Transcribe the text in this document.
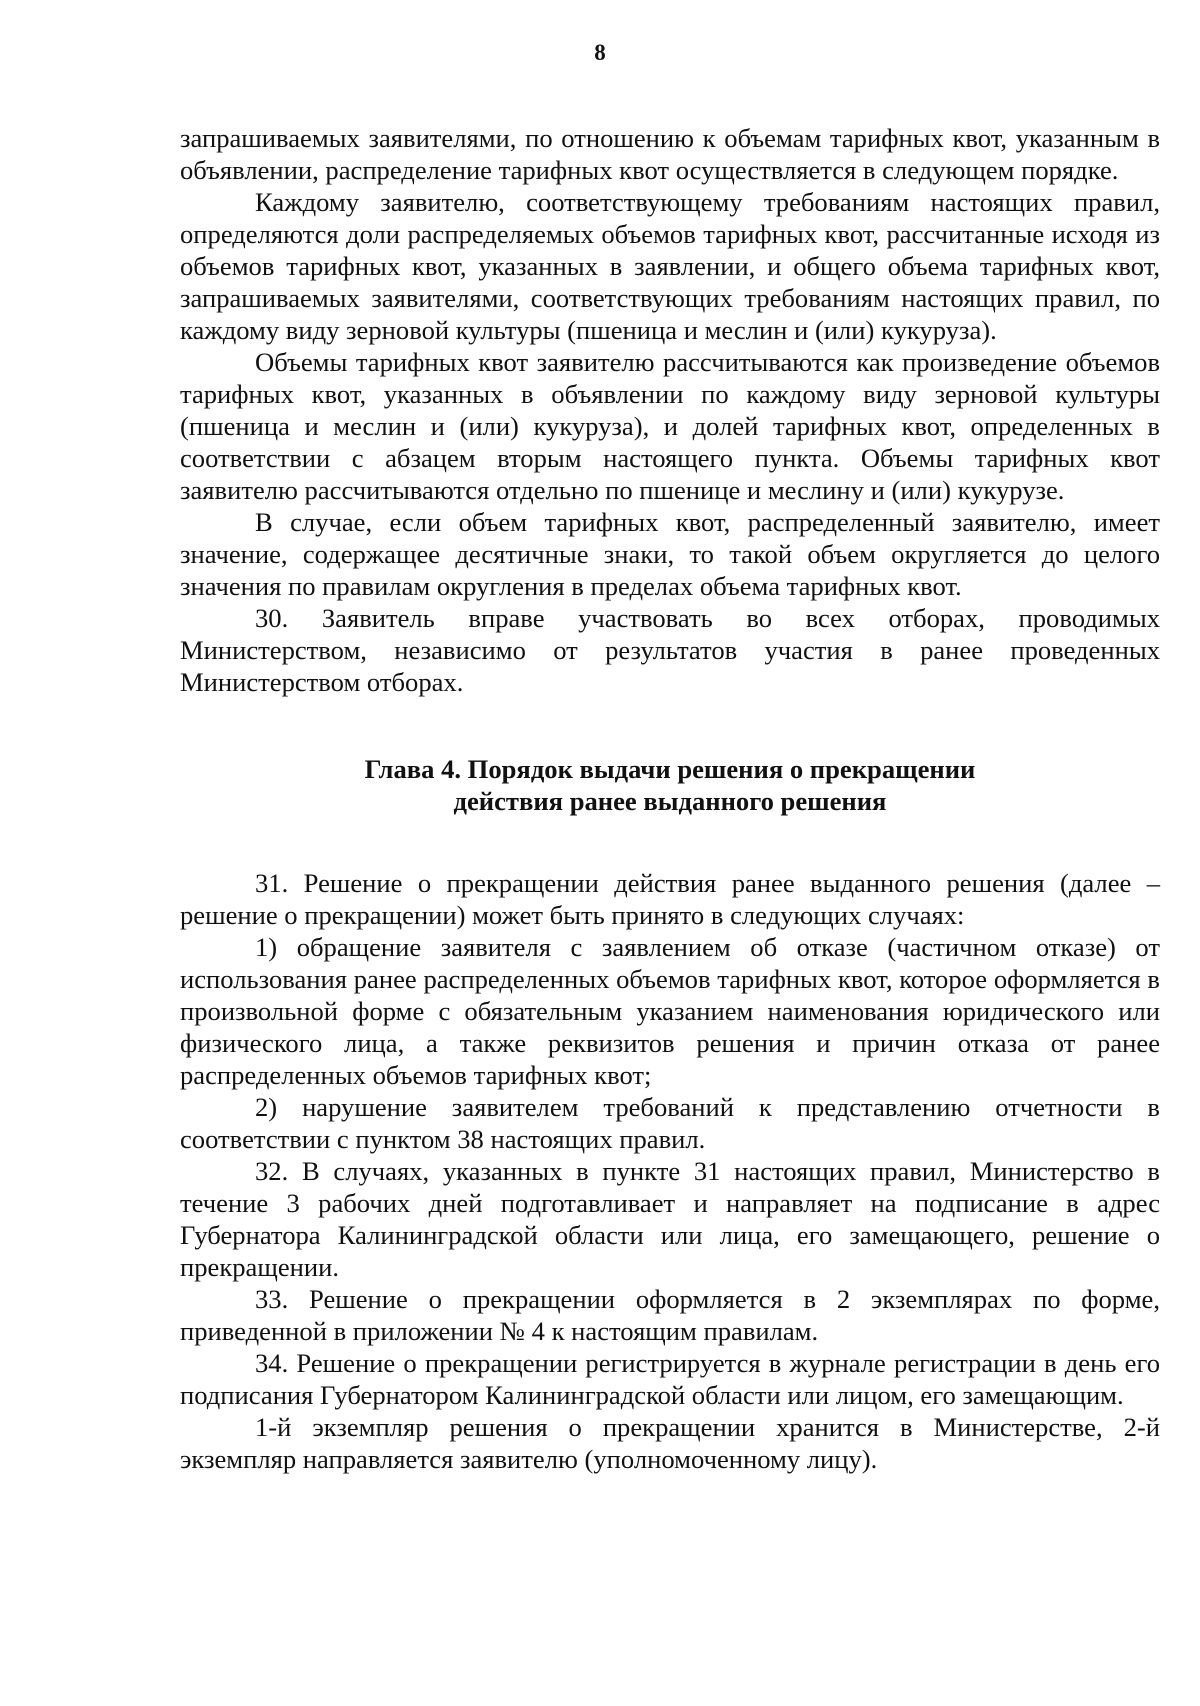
8

запрашиваемых заявителями, по отношению к объемам тарифных квот, указанным в объявлении, распределение тарифных квот осуществляется в следующем порядке.

Каждому заявителю, соответствующему требованиям настоящих правил, определяются доли распределяемых объемов тарифных квот, рассчитанные исходя из объемов тарифных квот, указанных в заявлении, и общего объема тарифных квот, запрашиваемых заявителями, соответствующих требованиям настоящих правил, по каждому виду зерновой культуры (пшеница и меслин и (или) кукуруза).

Объемы тарифных квот заявителю рассчитываются как произведение объемов тарифных квот, указанных в объявлении по каждому виду зерновой культуры (пшеница и меслин и (или) кукуруза), и долей тарифных квот, определенных в соответствии с абзацем вторым настоящего пункта. Объемы тарифных квот заявителю рассчитываются отдельно по пшенице и меслину и (или) кукурузе.

В случае, если объем тарифных квот, распределенный заявителю, имеет значение, содержащее десятичные знаки, то такой объем округляется до целого значения по правилам округления в пределах объема тарифных квот.

30. Заявитель вправе участвовать во всех отборах, проводимых Министерством, независимо от результатов участия в ранее проведенных Министерством отборах.

Глава 4. Порядок выдачи решения о прекращении
действия ранее выданного решения

31. Решение о прекращении действия ранее выданного решения (далее – решение о прекращении) может быть принято в следующих случаях:

1) обращение заявителя с заявлением об отказе (частичном отказе) от использования ранее распределенных объемов тарифных квот, которое оформляется в произвольной форме с обязательным указанием наименования юридического или физического лица, а также реквизитов решения и причин отказа от ранее распределенных объемов тарифных квот;

2) нарушение заявителем требований к представлению отчетности в соответствии с пунктом 38 настоящих правил.

32. В случаях, указанных в пункте 31 настоящих правил, Министерство в течение 3 рабочих дней подготавливает и направляет на подписание в адрес Губернатора Калининградской области или лица, его замещающего, решение о прекращении.

33. Решение о прекращении оформляется в 2 экземплярах по форме, приведенной в приложении № 4 к настоящим правилам.

34. Решение о прекращении регистрируется в журнале регистрации в день его подписания Губернатором Калининградской области или лицом, его замещающим.

1-й экземпляр решения о прекращении хранится в Министерстве, 2-й экземпляр направляется заявителю (уполномоченному лицу).
